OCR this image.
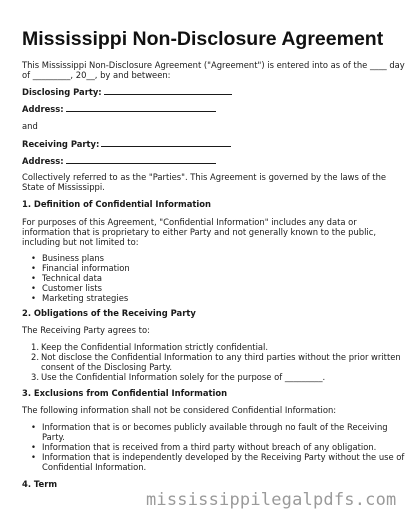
Mississippi Non-Disclosure Agreement
This Mississippi Non-Disclosure Agreement ("Agreement") is entered into as of the ____ day
of _________, 20__, by and between:
Disclosing Party:
Address:
and
Receiving Party:
Address:
Collectively referred to as the "Parties". This Agreement is governed by the laws of the
State of Mississippi.
1. Definition of Confidential Information
For purposes of this Agreement, "Confidential Information" includes any data or
information that is proprietary to either Party and not generally known to the public,
including but not limited to:
• Business plans
• Financial information
• Technical data
• Customer lists
• Marketing strategies
2. Obligations of the Receiving Party
The Receiving Party agrees to:
1. Keep the Confidential Information strictly confidential.
2. Not disclose the Confidential Information to any third parties without the prior written
consent of the Disclosing Party.
3. Use the Confidential Information solely for the purpose of _________.
3. Exclusions from Confidential Information
The following information shall not be considered Confidential Information:
• Information that is or becomes publicly available through no fault of the Receiving
Party.
• Information that is received from a third party without breach of any obligation.
• Information that is independently developed by the Receiving Party without the use of
Confidential Information.
4. Term
mississippilegalpdfs.com
